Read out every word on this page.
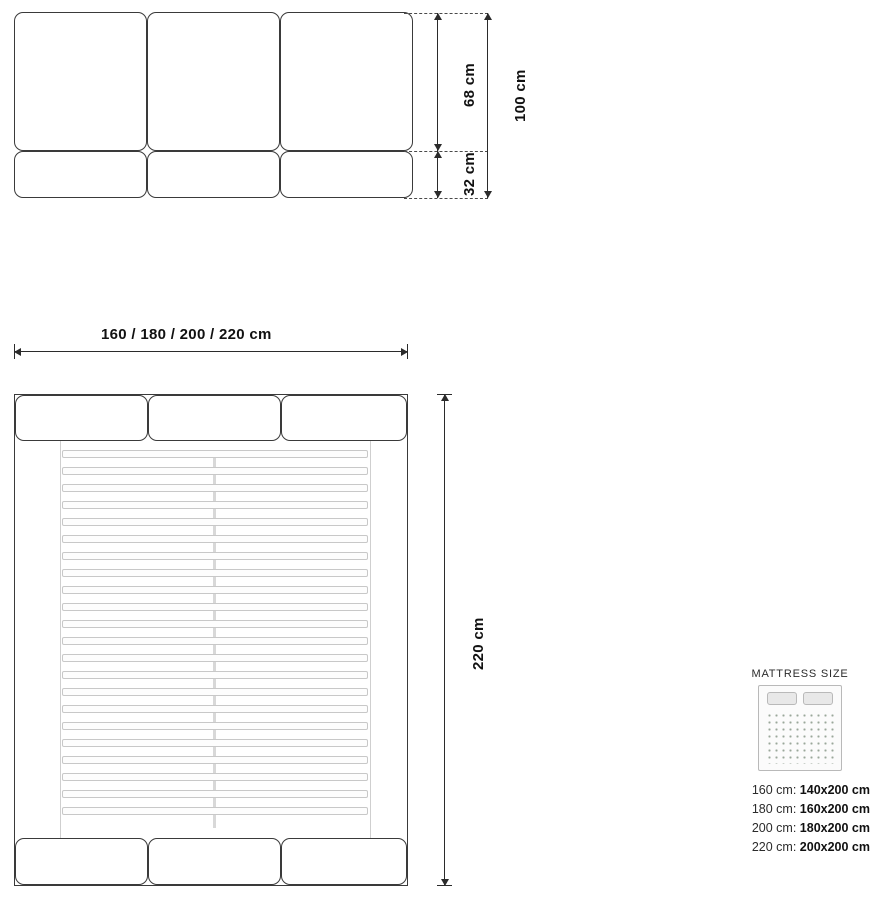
68 cm
32 cm
100 cm
160 / 180 / 200 / 220 cm
220 cm
MATTRESS SIZE
160 cm: 140x200 cm
180 cm: 160x200 cm
200 cm: 180x200 cm
220 cm: 200x200 cm
